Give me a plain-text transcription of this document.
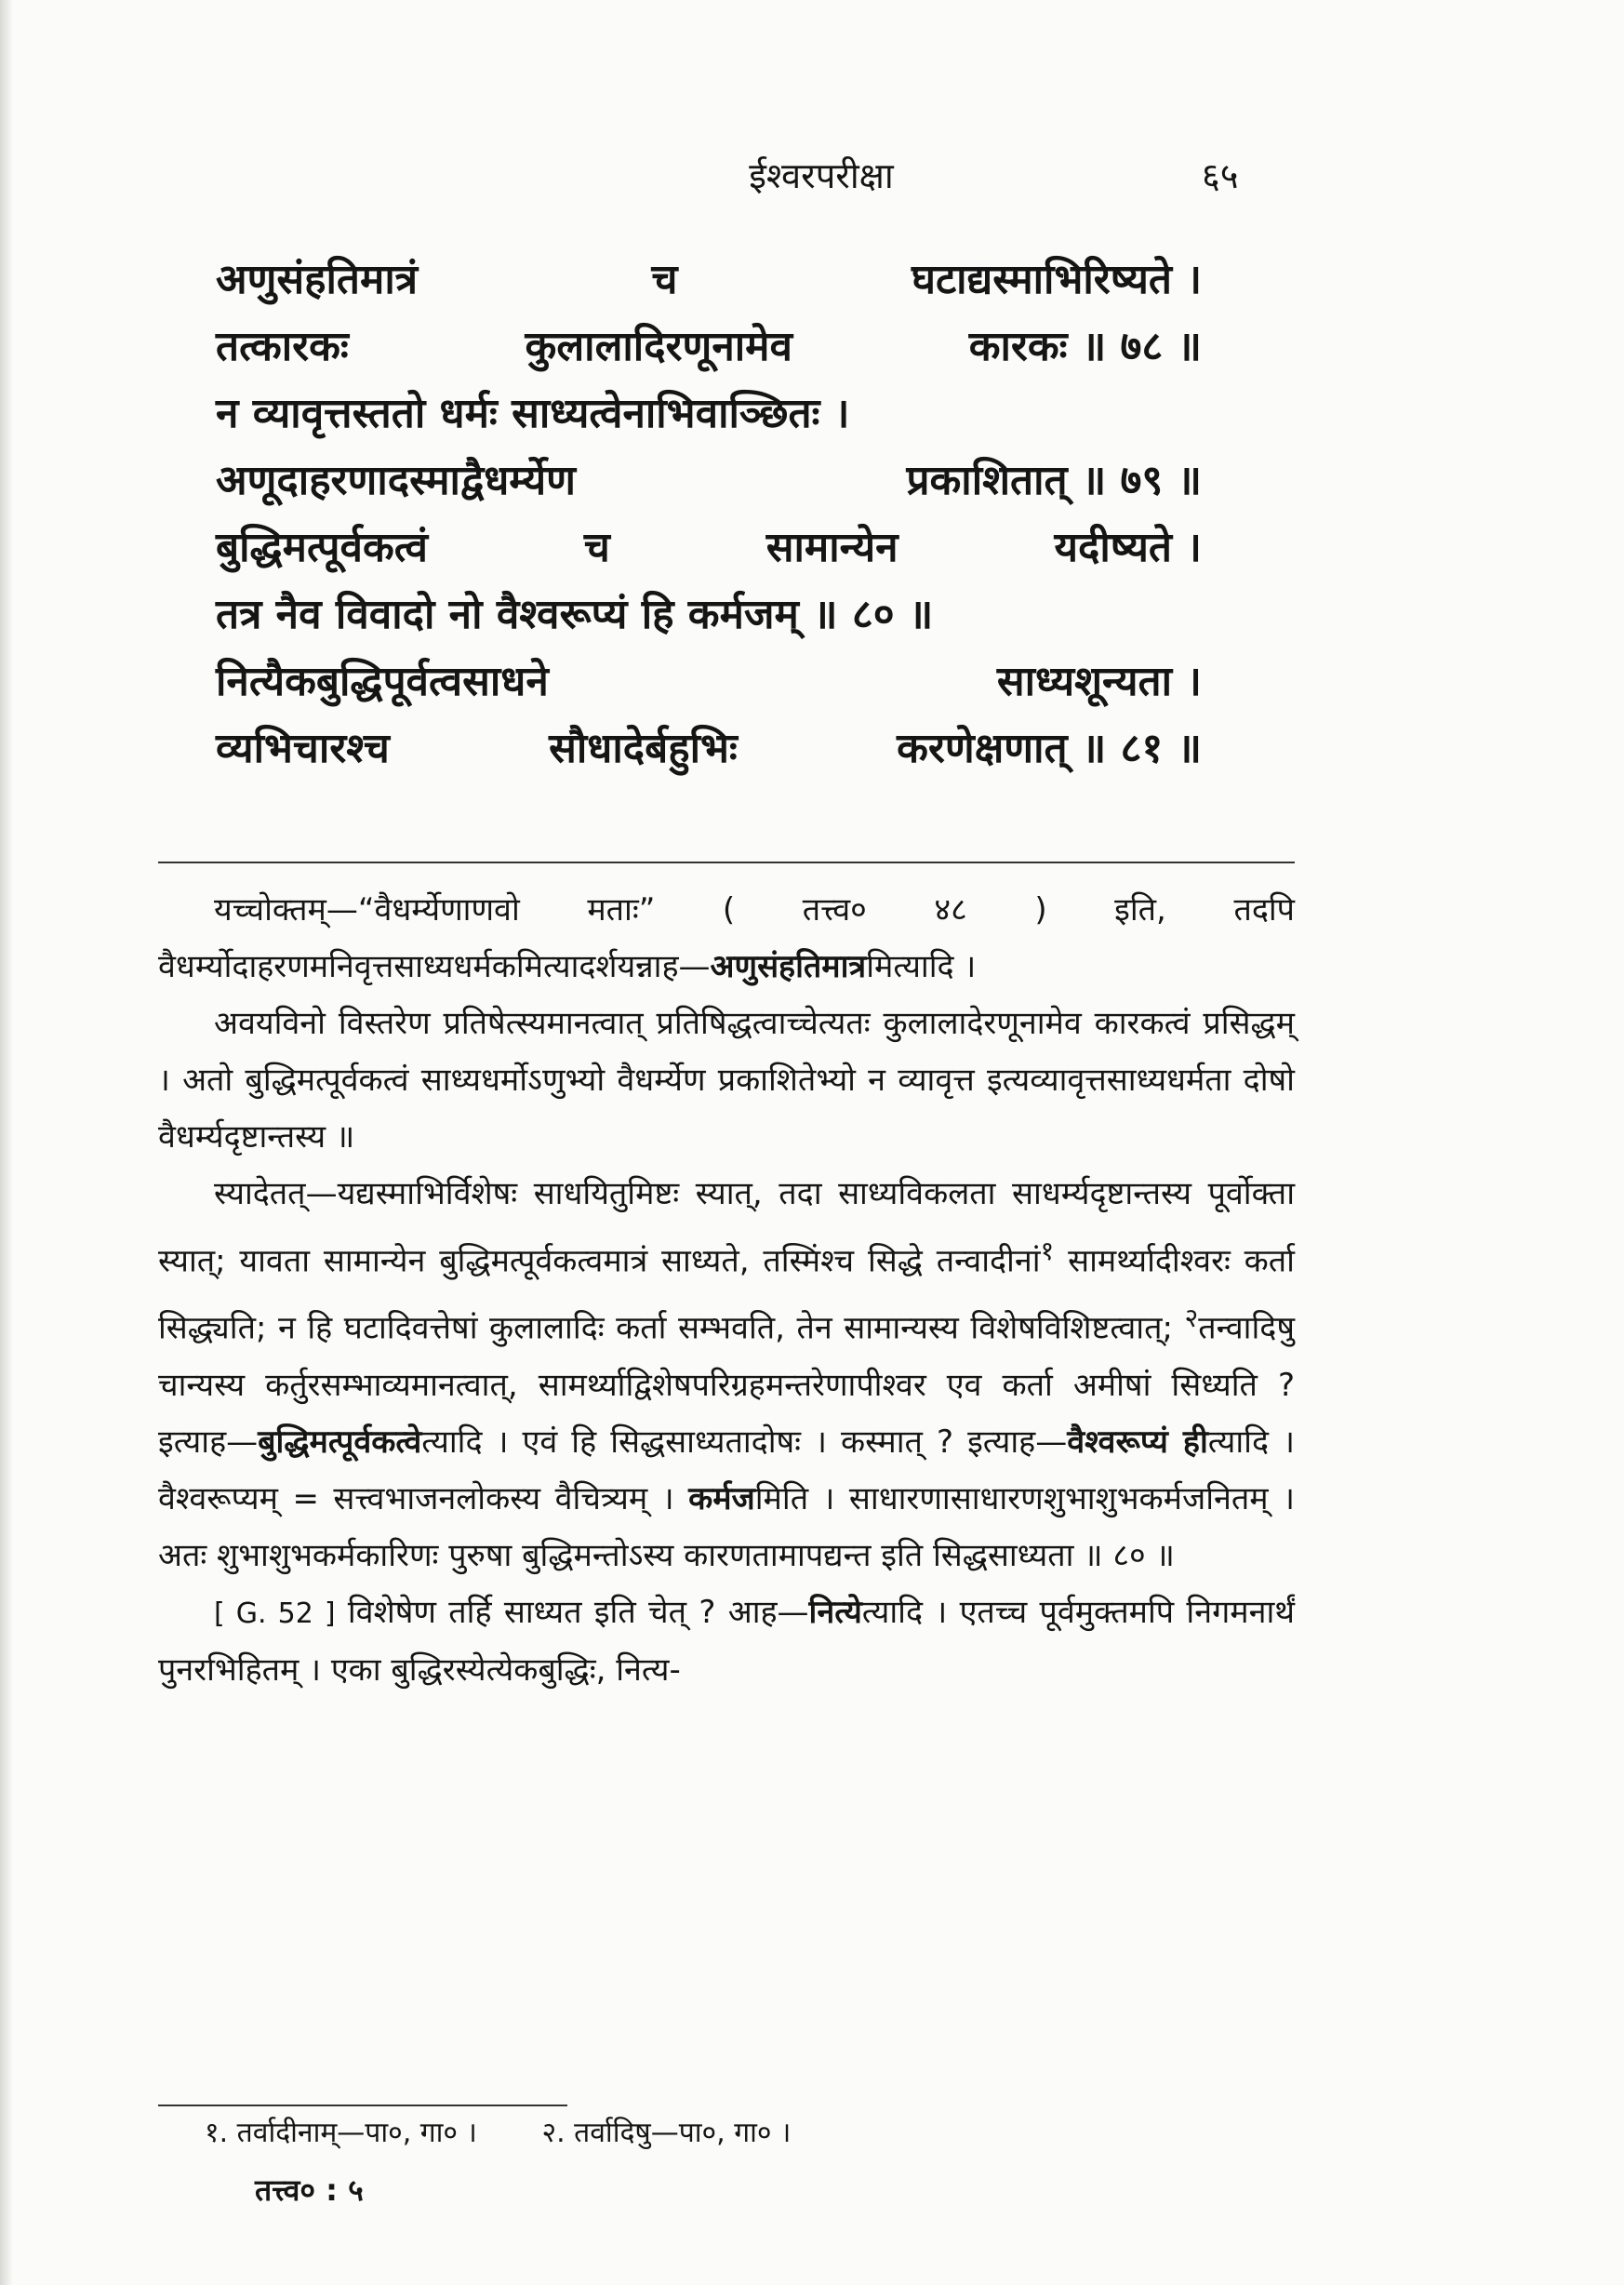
ईश्वरपरीक्षा	६५
अणुसंहतिमात्रं	च	घटाद्यस्माभिरिष्यते ।
तत्कारकः	कुलालादिरणूनामेव	कारकः ॥ ७८ ॥
न व्यावृत्तस्ततो धर्मः साध्यत्वेनाभिवाञ्छितः ।
अणूदाहरणादस्माद्वैधर्म्येण	प्रकाशितात् ॥ ७९ ॥
बुद्धिमत्पूर्वकत्वं	च	सामान्येन	यदीष्यते ।
तत्र नैव विवादो नो वैश्वरूप्यं हि कर्मजम् ॥ ८० ॥
नित्यैकबुद्धिपूर्वत्वसाधने	साध्यशून्यता ।
व्यभिचारश्च	सौधादेर्बहुभिः	करणेक्षणात् ॥ ८१ ॥

यच्चोक्तम्—“वैधर्म्येणाणवो मताः” ( तत्त्व० ४८ ) इति, तदपि वैधर्म्योदाहरणमनिवृत्तसाध्यधर्मकमित्यादर्शयन्नाह—अणुसंहतिमात्रमित्यादि ।

अवयविनो विस्तरेण प्रतिषेत्स्यमानत्वात् प्रतिषिद्धत्वाच्चेत्यतः कुलालादेरणूनामेव कारकत्वं प्रसिद्धम् । अतो बुद्धिमत्पूर्वकत्वं साध्यधर्मोऽणुभ्यो वैधर्म्येण प्रकाशितेभ्यो न व्यावृत्त इत्यव्यावृत्तसाध्यधर्मता दोषो वैधर्म्यदृष्टान्तस्य ॥

स्यादेतत्—यद्यस्माभिर्विशेषः साधयितुमिष्टः स्यात्, तदा साध्यविकलता साधर्म्यदृष्टान्तस्य पूर्वोक्ता स्यात्; यावता सामान्येन बुद्धिमत्पूर्वकत्वमात्रं साध्यते, तस्मिंश्च सिद्धे तन्वादीनां$^१$ सामर्थ्यादीश्वरः कर्ता सिद्ध्यति; न हि घटादिवत्तेषां कुलालादिः कर्ता सम्भवति, तेन सामान्यस्य विशेषविशिष्टत्वात्; $^२$तन्वादिषु चान्यस्य कर्तुरसम्भाव्यमानत्वात्, सामर्थ्याद्विशेषपरिग्रहमन्तरेणापीश्वर एव कर्ता अमीषां सिध्यति ? इत्याह—बुद्धिमत्पूर्वकत्वेत्यादि । एवं हि सिद्धसाध्यतादोषः । कस्मात् ? इत्याह—वैश्वरूप्यं हीत्यादि । वैश्वरूप्यम् = सत्त्वभाजनलोकस्य वैचित्र्यम् । कर्मजमिति । साधारणासाधारणशुभाशुभकर्मजनितम् । अतः शुभाशुभकर्मकारिणः पुरुषा बुद्धिमन्तोऽस्य कारणतामापद्यन्त इति सिद्धसाध्यता ॥ ८० ॥

[ G. 52 ] विशेषेण तर्हि साध्यत इति चेत् ? आह—नित्येत्यादि । एतच्च पूर्वमुक्तमपि निगमनार्थं पुनरभिहितम् । एका बुद्धिरस्येत्येकबुद्धिः, नित्य-

१. तर्वादीनाम्—पा०, गा० । २. तर्वादिषु—पा०, गा० ।
तत्त्व० : ५
